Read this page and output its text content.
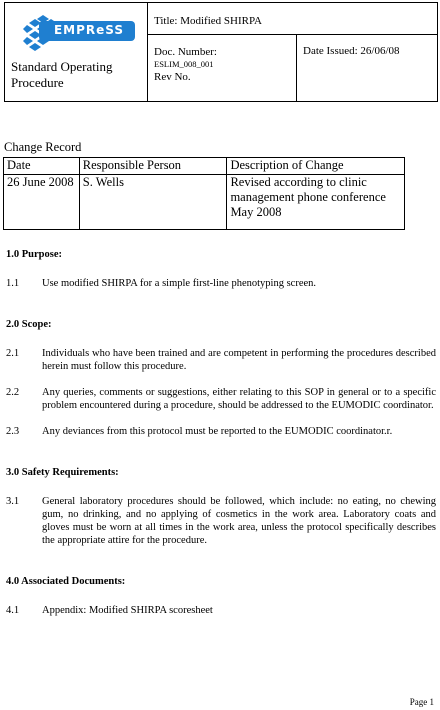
EMPReSS
Standard Operating Procedure
Title: Modified SHIRPA
Doc. Number:

ESLIM_008_001
Rev No.
Date Issued: 26/06/08
Change Record
Date	Responsible Person	Description of Change
26 June 2008	S. Wells	Revised according to clinic management phone conference May 2008
1.0 Purpose:
1.1 Use modified SHIRPA for a simple first-line phenotyping screen.
2.0 Scope:
2.1 Individuals who have been trained and are competent in performing the procedures described herein must follow this procedure.
2.2 Any queries, comments or suggestions, either relating to this SOP in general or to a specific problem encountered during a procedure, should be addressed to the EUMODIC coordinator.
2.3 Any deviances from this protocol must be reported to the EUMODIC coordinator.r.
3.0 Safety Requirements:
3.1 General laboratory procedures should be followed, which include: no eating, no chewing gum, no drinking, and no applying of cosmetics in the work area. Laboratory coats and gloves must be worn at all times in the work area, unless the protocol specifically describes the appropriate attire for the procedure.
4.0 Associated Documents:
4.1 Appendix: Modified SHIRPA scoresheet
Page 1
